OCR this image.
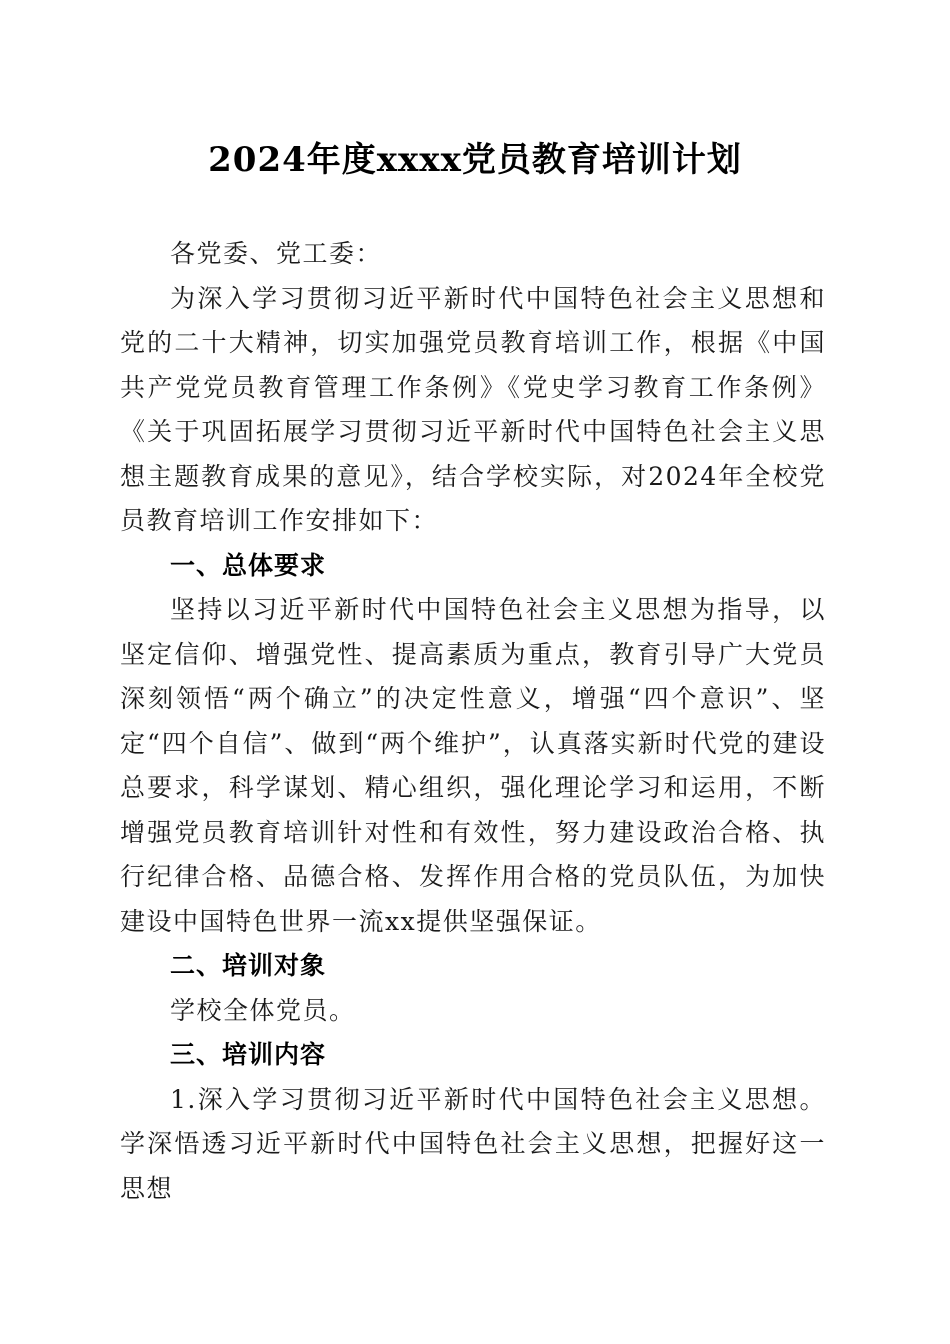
2024年度xxxx党员教育培训计划

各党委、党工委：

为深入学习贯彻习近平新时代中国特色社会主义思想和党的二十大精神，切实加强党员教育培训工作，根据《中国共产党党员教育管理工作条例》《党史学习教育工作条例》《关于巩固拓展学习贯彻习近平新时代中国特色社会主义思想主题教育成果的意见》，结合学校实际，对2024年全校党员教育培训工作安排如下：

一、总体要求

坚持以习近平新时代中国特色社会主义思想为指导，以坚定信仰、增强党性、提高素质为重点，教育引导广大党员深刻领悟“两个确立”的决定性意义，增强“四个意识”、坚定“四个自信”、做到“两个维护”，认真落实新时代党的建设总要求，科学谋划、精心组织，强化理论学习和运用，不断增强党员教育培训针对性和有效性，努力建设政治合格、执行纪律合格、品德合格、发挥作用合格的党员队伍，为加快建设中国特色世界一流xx提供坚强保证。

二、培训对象

学校全体党员。

三、培训内容

1.深入学习贯彻习近平新时代中国特色社会主义思想。学深悟透习近平新时代中国特色社会主义思想，把握好这一思想
